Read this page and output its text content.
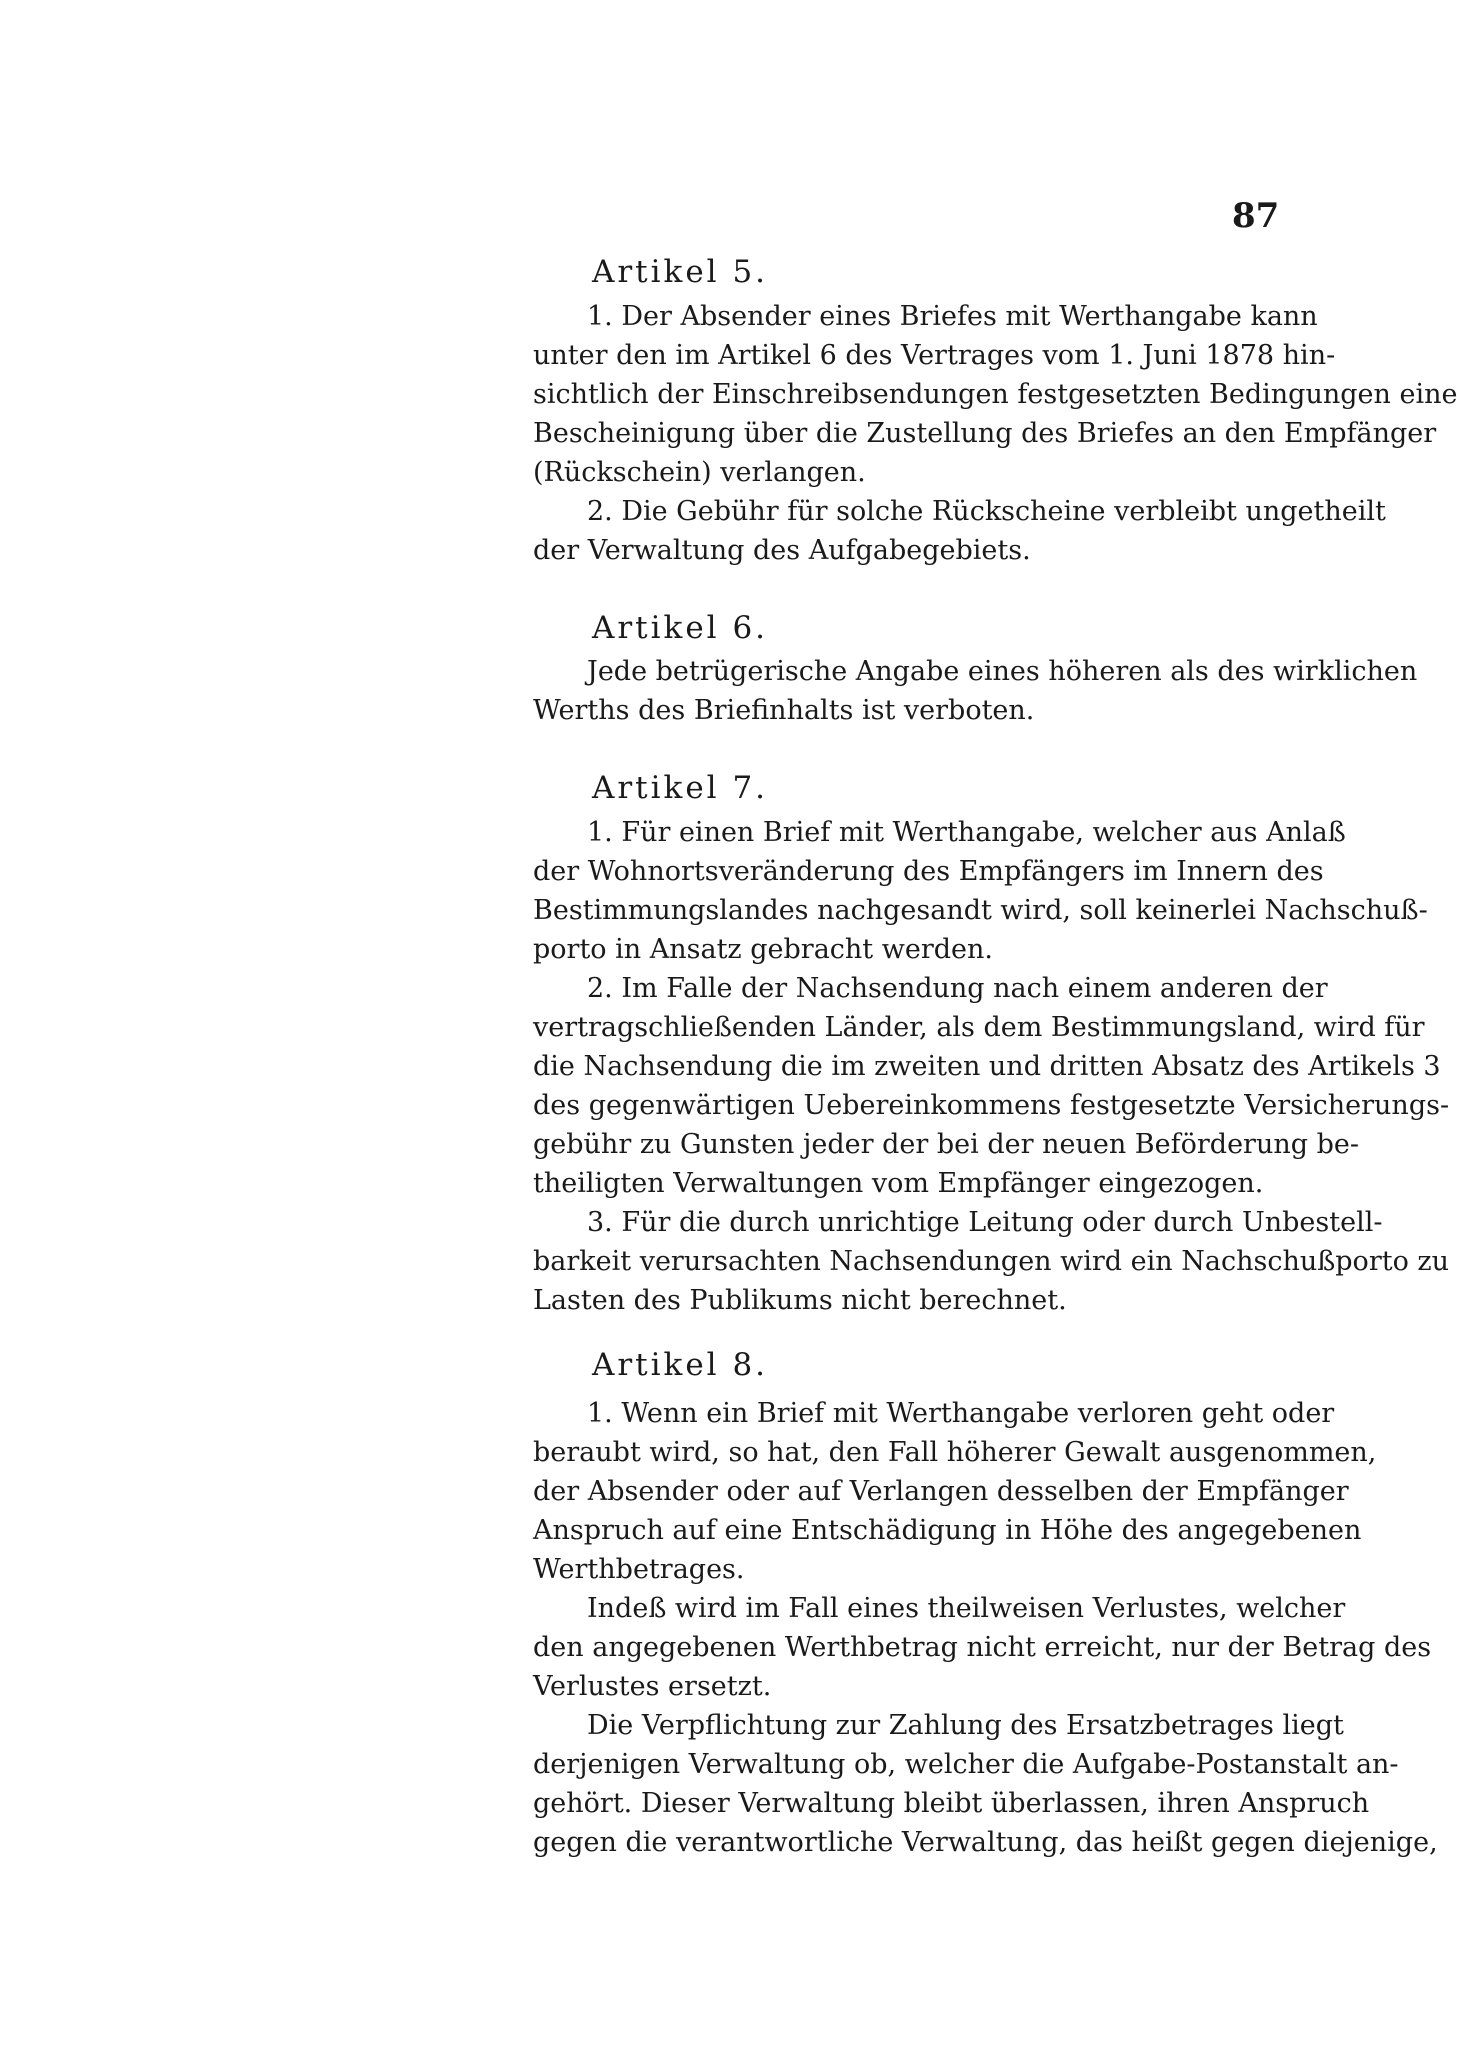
87
Artikel 5.
1. Der Absender eines Briefes mit Werthangabe kann
unter den im Artikel 6 des Vertrages vom 1. Juni 1878 hin-
sichtlich der Einschreibsendungen festgesetzten Bedingungen eine
Bescheinigung über die Zustellung des Briefes an den Empfänger
(Rückschein) verlangen.
2. Die Gebühr für solche Rückscheine verbleibt ungetheilt
der Verwaltung des Aufgabegebiets.
Artikel 6.
Jede betrügerische Angabe eines höheren als des wirklichen
Werths des Briefinhalts ist verboten.
Artikel 7.
1. Für einen Brief mit Werthangabe, welcher aus Anlaß
der Wohnortsveränderung des Empfängers im Innern des
Bestimmungslandes nachgesandt wird, soll keinerlei Nachschuß-
porto in Ansatz gebracht werden.
2. Im Falle der Nachsendung nach einem anderen der
vertragschließenden Länder, als dem Bestimmungsland, wird für
die Nachsendung die im zweiten und dritten Absatz des Artikels 3
des gegenwärtigen Uebereinkommens festgesetzte Versicherungs-
gebühr zu Gunsten jeder der bei der neuen Beförderung be-
theiligten Verwaltungen vom Empfänger eingezogen.
3. Für die durch unrichtige Leitung oder durch Unbestell-
barkeit verursachten Nachsendungen wird ein Nachschußporto zu
Lasten des Publikums nicht berechnet.
Artikel 8.
1. Wenn ein Brief mit Werthangabe verloren geht oder
beraubt wird, so hat, den Fall höherer Gewalt ausgenommen,
der Absender oder auf Verlangen desselben der Empfänger
Anspruch auf eine Entschädigung in Höhe des angegebenen
Werthbetrages.
Indeß wird im Fall eines theilweisen Verlustes, welcher
den angegebenen Werthbetrag nicht erreicht, nur der Betrag des
Verlustes ersetzt.
Die Verpflichtung zur Zahlung des Ersatzbetrages liegt
derjenigen Verwaltung ob, welcher die Aufgabe-Postanstalt an-
gehört. Dieser Verwaltung bleibt überlassen, ihren Anspruch
gegen die verantwortliche Verwaltung, das heißt gegen diejenige,
